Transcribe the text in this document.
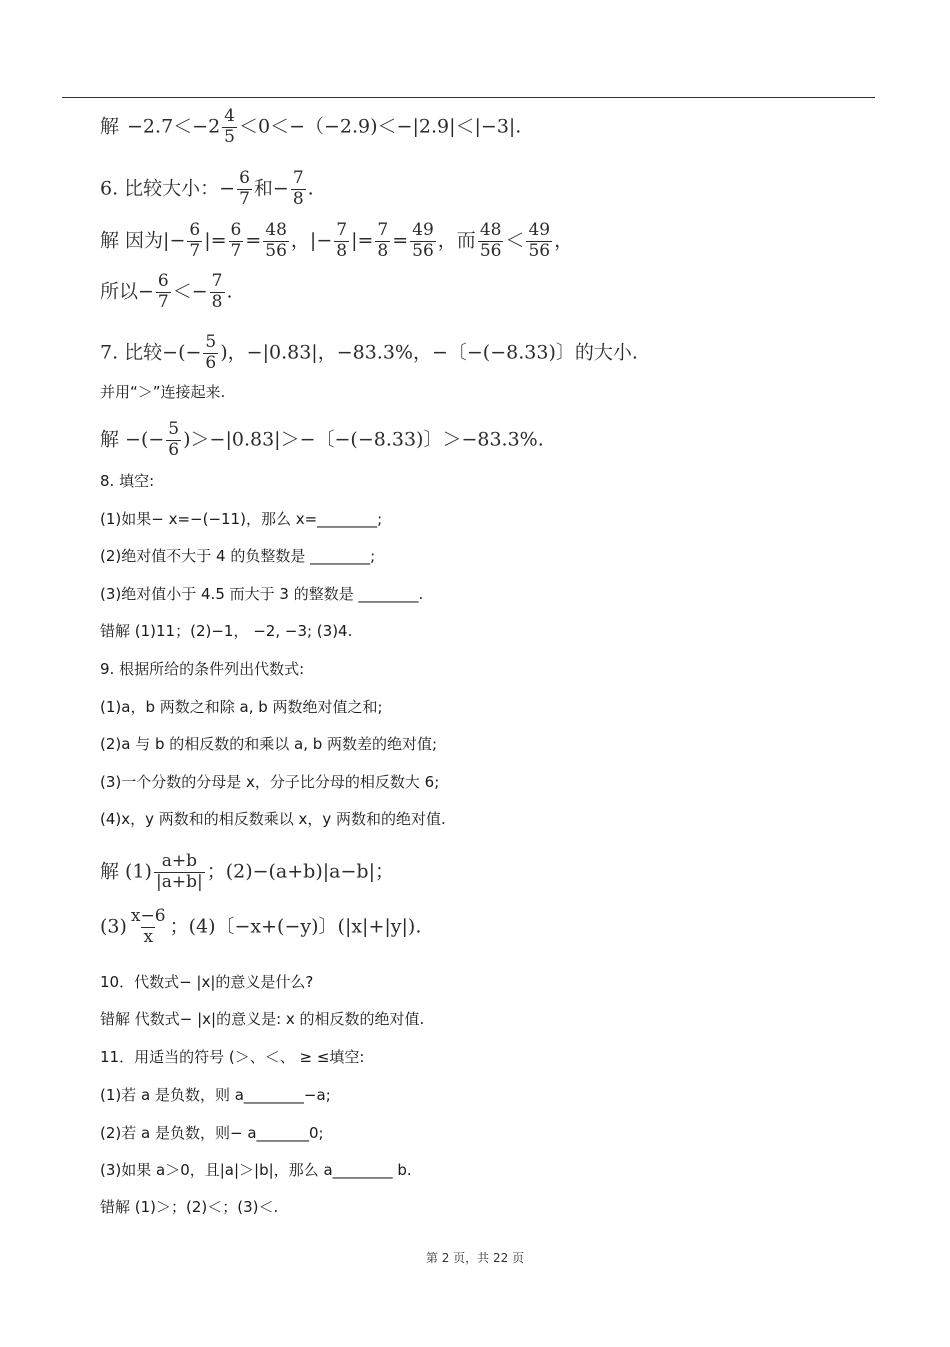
解 $-2.7<-2 \frac{4}{5} <0<-(-2.9)<-|2.9|<|-3|$.
6. 比较大小：− $\frac{6}{7}$ 和− $\frac{7}{8}$ .
解 因为|− $\frac{6}{7}$ |= $\frac{6}{7} = \frac{48}{56}$ ，|− $\frac{7}{8}$ |= $\frac{7}{8} = \frac{49}{56}$ ，而 $\frac{48}{56} < \frac{49}{56}$ ，
所以− $\frac{6}{7} <- \frac{7}{8}$ .
7. 比较−(− $\frac{5}{6}$ )，−|0.83|，−83.3%，−〔−(−8.33)〕的大小.
并用“＞”连接起来.
解 −(− $\frac{5}{6} )>-|0.83|>-$〔−(−8.33)〕＞−83.3%.
8. 填空:
(1)如果− x=−(−11)，那么 x=________;
(2)绝对值不大于 4 的负整数是 ________;
(3)绝对值小于 4.5 而大于 3 的整数是 ________.
错解 (1)11；(2)−1， −2, −3; (3)4.
9. 根据所给的条件列出代数式:
(1)a，b 两数之和除 a, b 两数绝对值之和;
(2)a 与 b 的相反数的和乘以 a, b 两数差的绝对值;
(3)一个分数的分母是 x，分子比分母的相反数大 6;
(4)x，y 两数和的相反数乘以 x，y 两数和的绝对值.
解 $(1) \frac{a+b}{|a+b|}$ ；(2)−(a+b)|a−b|；
$(3) \frac{x-6}{x}$ ；(4)〔−x+(−y)〕(|x|+|y|).
10．代数式− |x|的意义是什么?
错解 代数式− |x|的意义是: x 的相反数的绝对值.
11．用适当的符号 (＞、＜、 ≥ ≤填空:
(1)若 a 是负数，则 a________−a;
(2)若 a 是负数，则− a_______0;
(3)如果 a＞0，且|a|＞|b|，那么 a________ b.
错解 (1)＞；(2)＜；(3)＜.
第 2 页，共 22 页
